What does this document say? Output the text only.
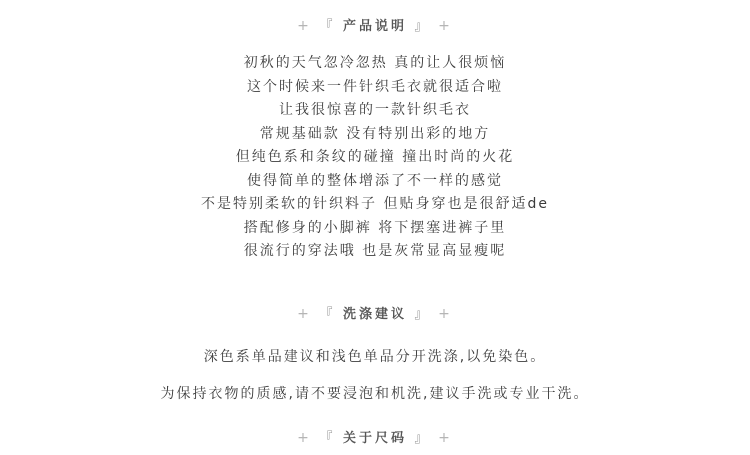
+ 『 产品说明 』 +
初秋的天气忽冷忽热 真的让人很烦恼
这个时候来一件针织毛衣就很适合啦
让我很惊喜的一款针织毛衣
常规基础款 没有特别出彩的地方
但纯色系和条纹的碰撞 撞出时尚的火花
使得简单的整体增添了不一样的感觉
不是特别柔软的针织料子 但贴身穿也是很舒适de
搭配修身的小脚裤 将下摆塞进裤子里
很流行的穿法哦 也是灰常显高显瘦呢
+ 『 洗涤建议 』 +
深色系单品建议和浅色单品分开洗涤,以免染色。
为保持衣物的质感,请不要浸泡和机洗,建议手洗或专业干洗。
+ 『 关于尺码 』 +
